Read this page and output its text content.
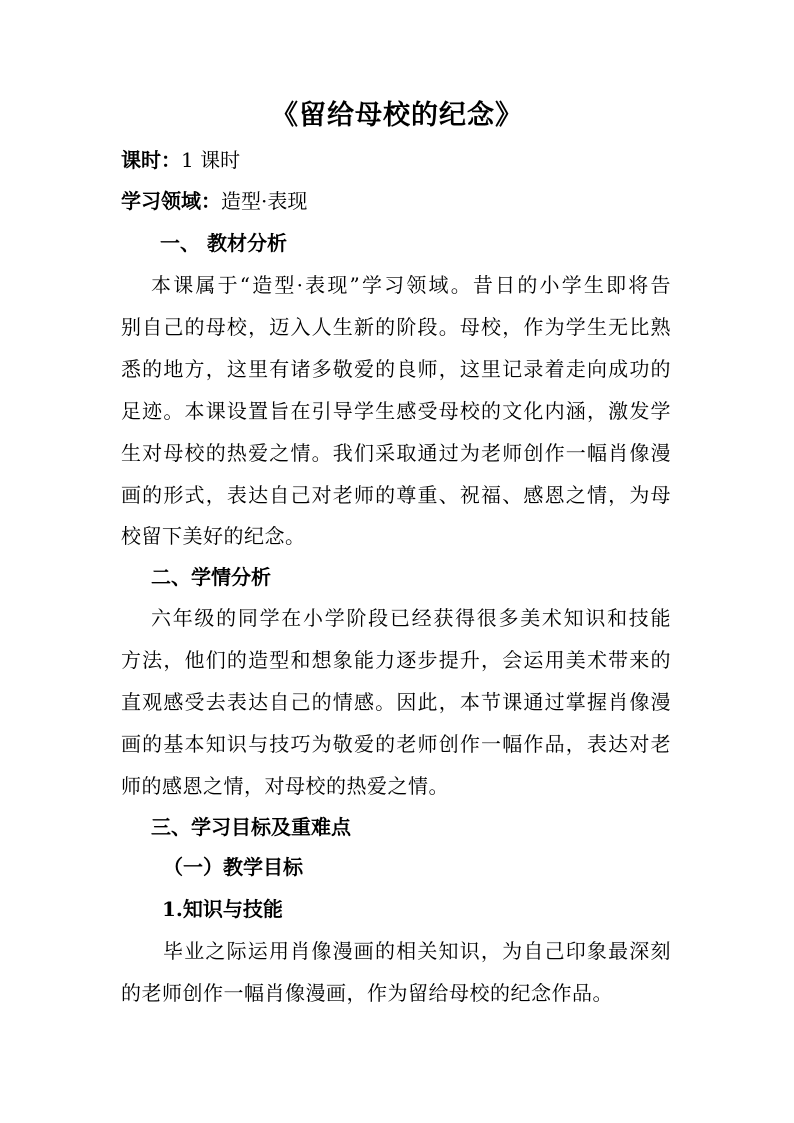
《留给母校的纪念》
课时：1 课时
学习领域：造型·表现
一、 教材分析
本课属于“造型·表现”学习领域。昔日的小学生即将告
别自己的母校，迈入人生新的阶段。母校，作为学生无比熟
悉的地方，这里有诸多敬爱的良师，这里记录着走向成功的
足迹。本课设置旨在引导学生感受母校的文化内涵，激发学
生对母校的热爱之情。我们采取通过为老师创作一幅肖像漫
画的形式，表达自己对老师的尊重、祝福、感恩之情，为母
校留下美好的纪念。
二、学情分析
六年级的同学在小学阶段已经获得很多美术知识和技能
方法，他们的造型和想象能力逐步提升，会运用美术带来的
直观感受去表达自己的情感。因此，本节课通过掌握肖像漫
画的基本知识与技巧为敬爱的老师创作一幅作品，表达对老
师的感恩之情，对母校的热爱之情。
三、学习目标及重难点
（一）教学目标
1.知识与技能
毕业之际运用肖像漫画的相关知识，为自己印象最深刻
的老师创作一幅肖像漫画，作为留给母校的纪念作品。
